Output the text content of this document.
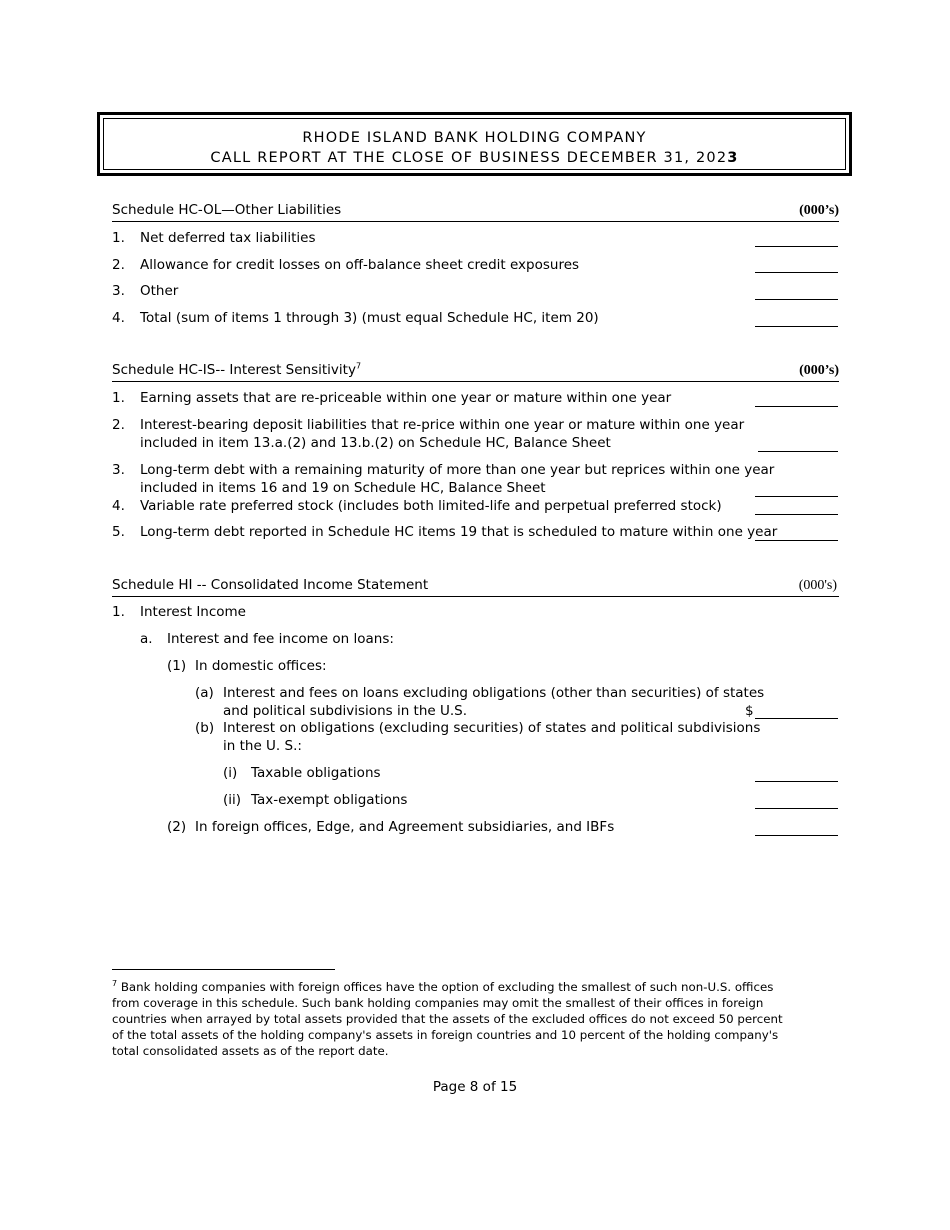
RHODE ISLAND BANK HOLDING COMPANY
CALL REPORT AT THE CLOSE OF BUSINESS DECEMBER 31, 2023
Schedule HC-OL—Other Liabilities	(000’s)
1. Net deferred tax liabilities
2. Allowance for credit losses on off-balance sheet credit exposures
3. Other
4. Total (sum of items 1 through 3) (must equal Schedule HC, item 20)
Schedule HC-IS-- Interest Sensitivity$^7$	(000’s)
1. Earning assets that are re-priceable within one year or mature within one year
2. Interest-bearing deposit liabilities that re-price within one year or mature within one year
included in item 13.a.(2) and 13.b.(2) on Schedule HC, Balance Sheet
3. Long-term debt with a remaining maturity of more than one year but reprices within one year
included in items 16 and 19 on Schedule HC, Balance Sheet
4. Variable rate preferred stock (includes both limited-life and perpetual preferred stock)
5. Long-term debt reported in Schedule HC items 19 that is scheduled to mature within one year
Schedule HI -- Consolidated Income Statement	(000's)
1. Interest Income
a. Interest and fee income on loans:
(1) In domestic offices:
(a) Interest and fees on loans excluding obligations (other than securities) of states
and political subdivisions in the U.S.	$
(b) Interest on obligations (excluding securities) of states and political subdivisions
in the U. S.:
(i) Taxable obligations
(ii) Tax-exempt obligations
(2) In foreign offices, Edge, and Agreement subsidiaries, and IBFs
$^7$ Bank holding companies with foreign offices have the option of excluding the smallest of such non-U.S. offices from coverage in this schedule. Such bank holding companies may omit the smallest of their offices in foreign countries when arrayed by total assets provided that the assets of the excluded offices do not exceed 50 percent of the total assets of the holding company's assets in foreign countries and 10 percent of the holding company's total consolidated assets as of the report date.
Page 8 of 15
